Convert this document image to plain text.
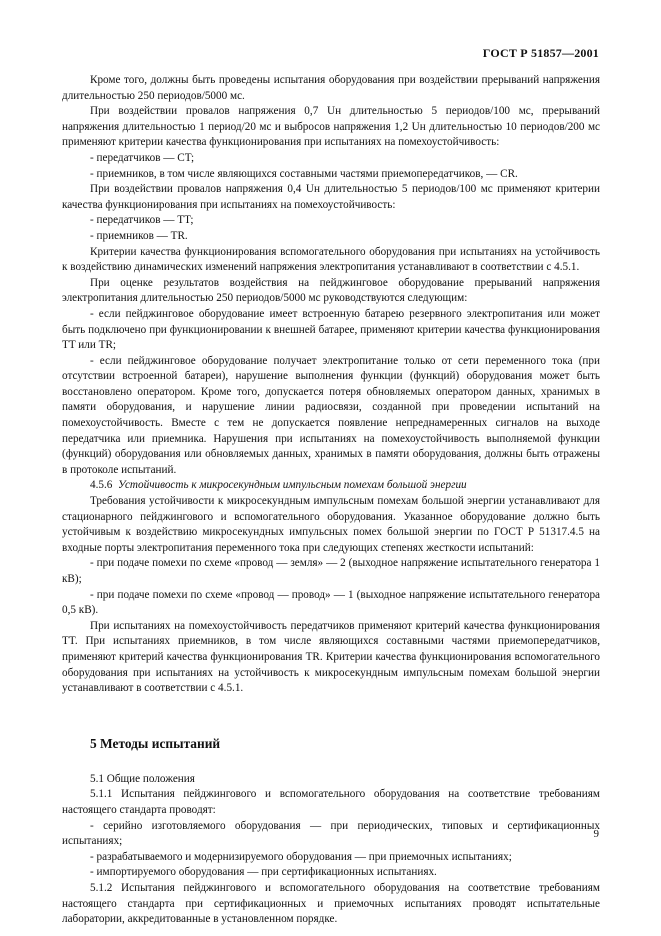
ГОСТ Р 51857—2001

Кроме того, должны быть проведены испытания оборудования при воздействии прерываний напряжения длительностью 250 периодов/5000 мс.

При воздействии провалов напряжения 0,7 Uн длительностью 5 периодов/100 мс, прерываний напряжения длительностью 1 период/20 мс и выбросов напряжения 1,2 Uн длительностью 10 периодов/200 мс применяют критерии качества функционирования при испытаниях на помехоустойчивость:

- передатчиков — CT;

- приемников, в том числе являющихся составными частями приемопередатчиков, — CR.

При воздействии провалов напряжения 0,4 Uн длительностью 5 периодов/100 мс применяют критерии качества функционирования при испытаниях на помехоустойчивость:

- передатчиков — TT;

- приемников — TR.

Критерии качества функционирования вспомогательного оборудования при испытаниях на устойчивость к воздействию динамических изменений напряжения электропитания устанавливают в соответствии с 4.5.1.

При оценке результатов воздействия на пейджинговое оборудование прерываний напряжения электропитания длительностью 250 периодов/5000 мс руководствуются следующим:

- если пейджинговое оборудование имеет встроенную батарею резервного электропитания или может быть подключено при функционировании к внешней батарее, применяют критерии качества функционирования TT или TR;

- если пейджинговое оборудование получает электропитание только от сети переменного тока (при отсутствии встроенной батареи), нарушение выполнения функции (функций) оборудования может быть восстановлено оператором. Кроме того, допускается потеря обновляемых оператором данных, хранимых в памяти оборудования, и нарушение линии радиосвязи, созданной при проведении испытаний на помехоустойчивость. Вместе с тем не допускается появление непреднамеренных сигналов на выходе передатчика или приемника. Нарушения при испытаниях на помехоустойчивость выполняемой функции (функций) оборудования или обновляемых данных, хранимых в памяти оборудования, должны быть отражены в протоколе испытаний.

4.5.6 Устойчивость к микросекундным импульсным помехам большой энергии

Требования устойчивости к микросекундным импульсным помехам большой энергии устанавливают для стационарного пейджингового и вспомогательного оборудования. Указанное оборудование должно быть устойчивым к воздействию микросекундных импульсных помех большой энергии по ГОСТ Р 51317.4.5 на входные порты электропитания переменного тока при следующих степенях жесткости испытаний:

- при подаче помехи по схеме «провод — земля» — 2 (выходное напряжение испытательного генератора 1 кВ);

- при подаче помехи по схеме «провод — провод» — 1 (выходное напряжение испытательного генератора 0,5 кВ).

При испытаниях на помехоустойчивость передатчиков применяют критерий качества функционирования TT. При испытаниях приемников, в том числе являющихся составными частями приемопередатчиков, применяют критерий качества функционирования TR. Критерии качества функционирования вспомогательного оборудования при испытаниях на устойчивость к микросекундным импульсным помехам большой энергии устанавливают в соответствии с 4.5.1.

5 Методы испытаний

5.1 Общие положения

5.1.1 Испытания пейджингового и вспомогательного оборудования на соответствие требованиям настоящего стандарта проводят:

- серийно изготовляемого оборудования — при периодических, типовых и сертификационных испытаниях;

- разрабатываемого и модернизируемого оборудования — при приемочных испытаниях;

- импортируемого оборудования — при сертификационных испытаниях.

5.1.2 Испытания пейджингового и вспомогательного оборудования на соответствие требованиям настоящего стандарта при сертификационных и приемочных испытаниях проводят испытательные лаборатории, аккредитованные в установленном порядке.

9
